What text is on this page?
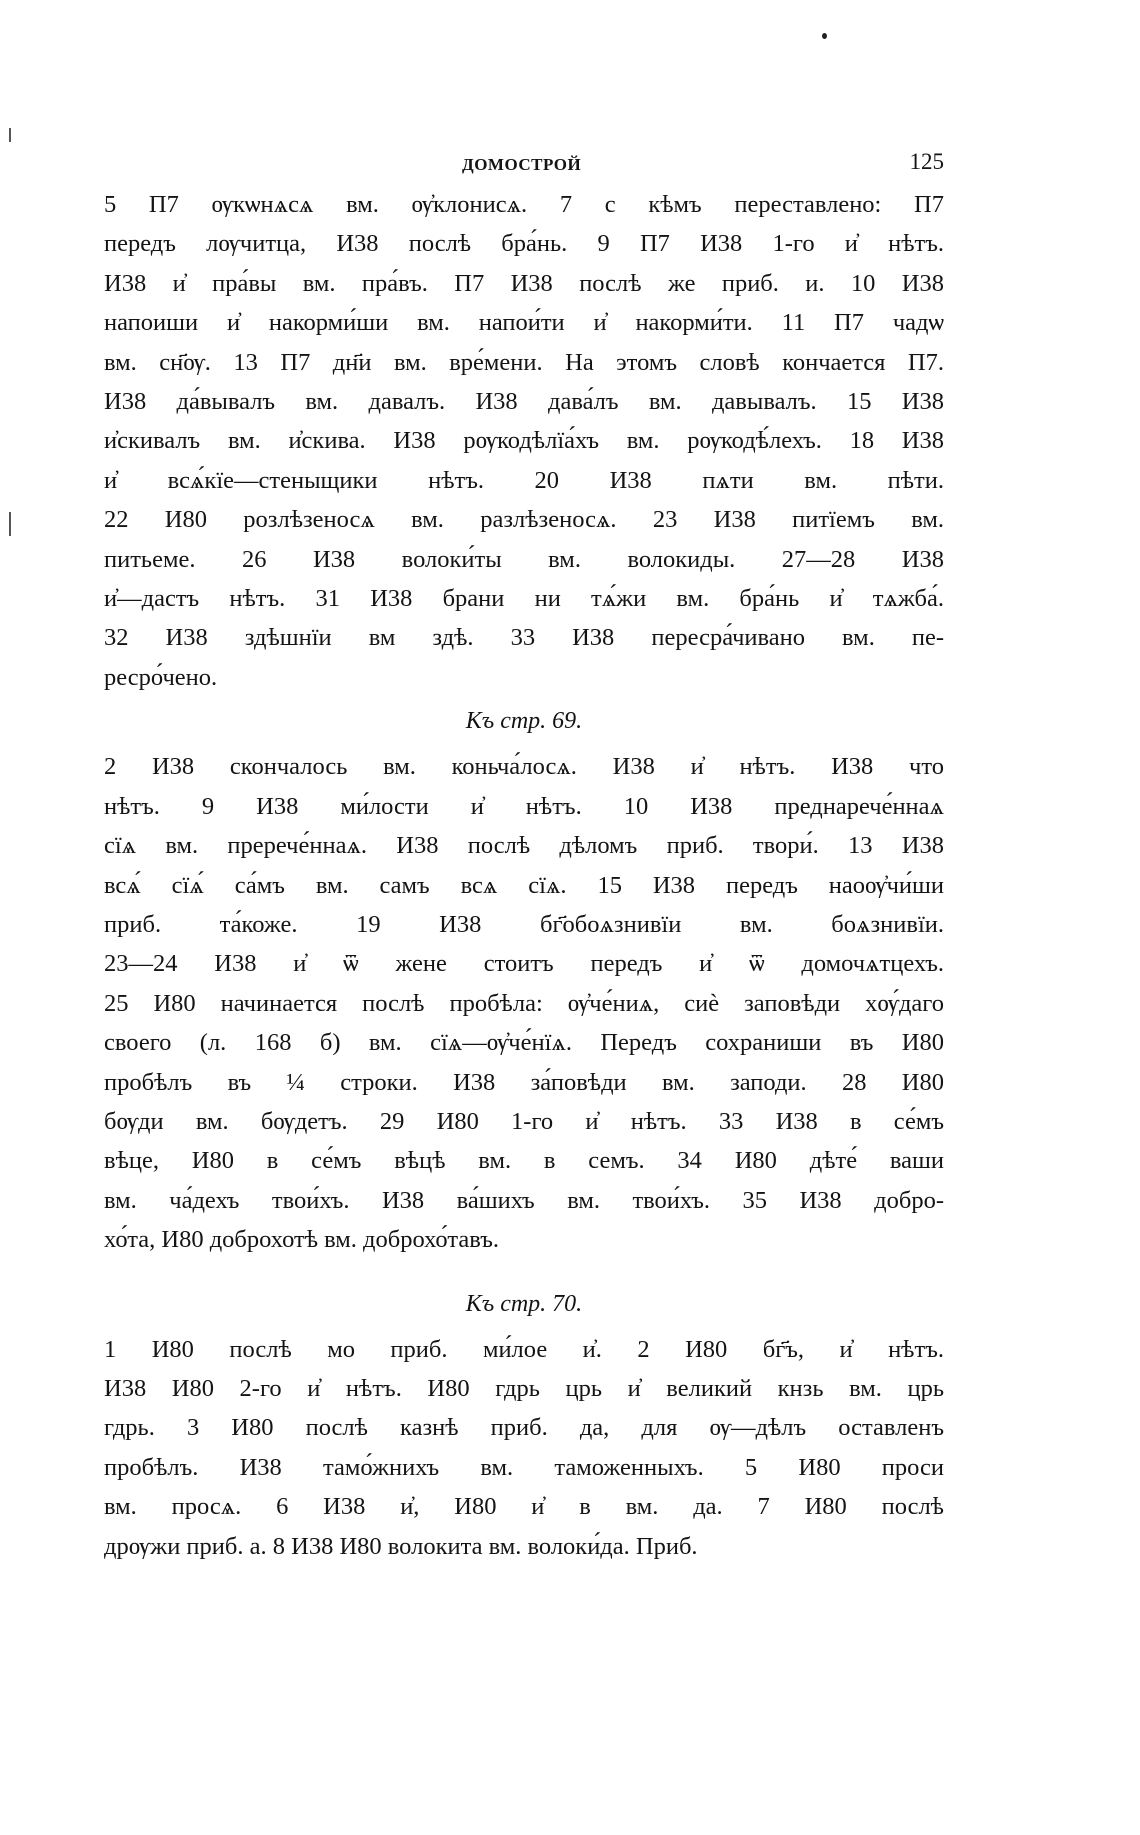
ДОМОСТРОЙ	125
5 П7 ѹкѡнѧсѧ вм. ѹ҆клонисѧ. 7 с кѣмъ переставлено: П7
передъ лѹчитца, И38 послѣ бра́нь. 9 П7 И38 1-го и҆ нѣтъ.
И38 и҆ пра́вы вм. пра́въ. П7 И38 послѣ же приб. и. 10 И38
напоиши и҆ накорми́ши вм. напои́ти и҆ накорми́ти. 11 П7 чадѡ
вм. сн҃ѹ. 13 П7 дн҃и вм. вре́мени. На этомъ словѣ кончается П7.
И38 да́вывалъ вм. давалъ. И38 дава́лъ вм. давывалъ. 15 И38
и҆скивалъ вм. и҆скива. И38 рѹкодѣлїа́хъ вм. рѹкодѣ́лехъ. 18 И38
и҆ всѧ́кїе—стеныщики нѣтъ. 20 И38 пѧти вм. пѣти.
22 И80 розлѣзеносѧ вм. разлѣзеносѧ. 23 И38 питїемъ вм.
питьеме. 26 И38 волоки́ты вм. волокиды. 27—28 И38
и҆—дастъ нѣтъ. 31 И38 брани ни тѧ́жи вм. бра́нь и҆ тѧжба́.
32 И38 здѣшнїи вм здѣ. 33 И38 пересра́чивано вм. пе-
ресро́чено.
Къ стр. 69.
2 И38 скончалось вм. коньча́лосѧ. И38 и҆ нѣтъ. И38 что
нѣтъ. 9 И38 ми́лости и҆ нѣтъ. 10 И38 преднарече́ннаѧ
сїѧ вм. пререче́ннаѧ. И38 послѣ дѣломъ приб. твори́. 13 И38
всѧ́ сїѧ́ са́мъ вм. самъ всѧ сїѧ. 15 И38 передъ наоѹ҆чи́ши
приб. та́коже. 19 И38 бг҃обоѧзнивїи вм. боѧзнивїи.
23—24 И38 и҆ ѿ жене стоитъ передъ и҆ ѿ домочѧтцехъ.
25 И80 начинается послѣ пробѣла: ѹ҆че́ниѧ, сиѐ заповѣди хѹ́даго
своего (л. 168 б) вм. сїѧ—ѹ҆че́нїѧ. Передъ сохраниши въ И80
пробѣлъ въ ¼ строки. И38 за́повѣди вм. заподи. 28 И80
бѹди вм. бѹдетъ. 29 И80 1-го и҆ нѣтъ. 33 И38 в се́мъ
вѣце, И80 в се́мъ вѣцѣ вм. в семъ. 34 И80 дѣте́ ваши
вм. ча́дехъ твои́хъ. И38 ва́шихъ вм. твои́хъ. 35 И38 добро-
хо́та, И80 доброхотѣ вм. доброхо́тавъ.
Къ стр. 70.
1 И80 послѣ мо приб. ми́лое и҆. 2 И80 бг҃ъ, и҆ нѣтъ.
И38 И80 2-го и҆ нѣтъ. И80 гдрь црь и҆ великий кнзь вм. црь
гдрь. 3 И80 послѣ казнѣ приб. да, для ѹ—дѣлъ оставленъ
пробѣлъ. И38 тамо́жнихъ вм. таможенныхъ. 5 И80 проси
вм. просѧ. 6 И38 и҆, И80 и҆ в вм. да. 7 И80 послѣ
дрѹжи приб. а. 8 И38 И80 волокита вм. волоки́да. Приб.
